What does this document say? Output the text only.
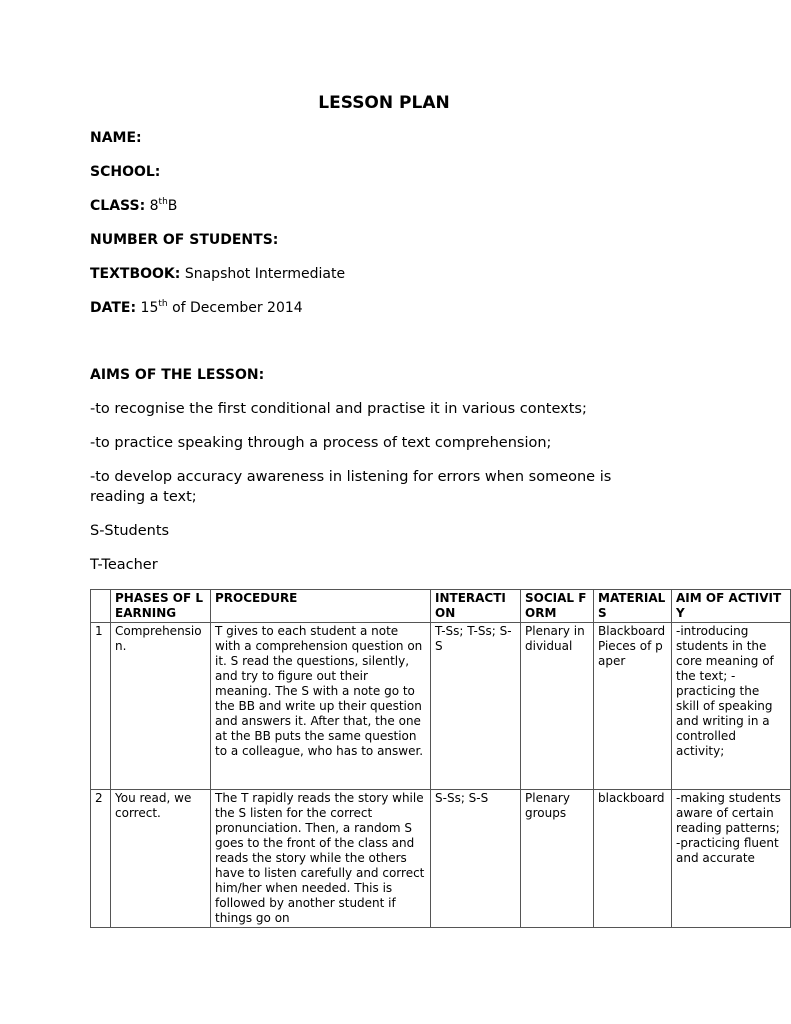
LESSON PLAN
NAME:
SCHOOL:
CLASS: 8thB
NUMBER OF STUDENTS:
TEXTBOOK: Snapshot Intermediate
DATE: 15th of December 2014
AIMS OF THE LESSON:
-to recognise the first conditional and practise it in various contexts;
-to practice speaking through a process of text comprehension;
-to develop accuracy awareness in listening for errors when someone is reading a text;
S-Students
T-Teacher
	PHASES OF LEARNING	PROCEDURE	INTERACTION	SOCIAL FORM	MATERIALS	AIM OF ACTIVITY
1	Comprehension.	T gives to each student a note with a comprehension question on it. S read the questions, silently, and try to figure out their meaning. The S with a note go to the BB and write up their question and answers it. After that, the one at the BB puts the same question to a colleague, who has to answer.	T-Ss; T-Ss; S-S	Plenary individual	Blackboard Pieces of paper	-introducing students in the core meaning of the text; -practicing the skill of speaking and writing in a controlled activity;
2	You read, we correct.	The T rapidly reads the story while the S listen for the correct pronunciation. Then, a random S goes to the front of the class and reads the story while the others have to listen carefully and correct him/her when needed. This is followed by another student if things go on	S-Ss; S-S	Plenary groups	blackboard	-making students aware of certain reading patterns; -practicing fluent and accurate
